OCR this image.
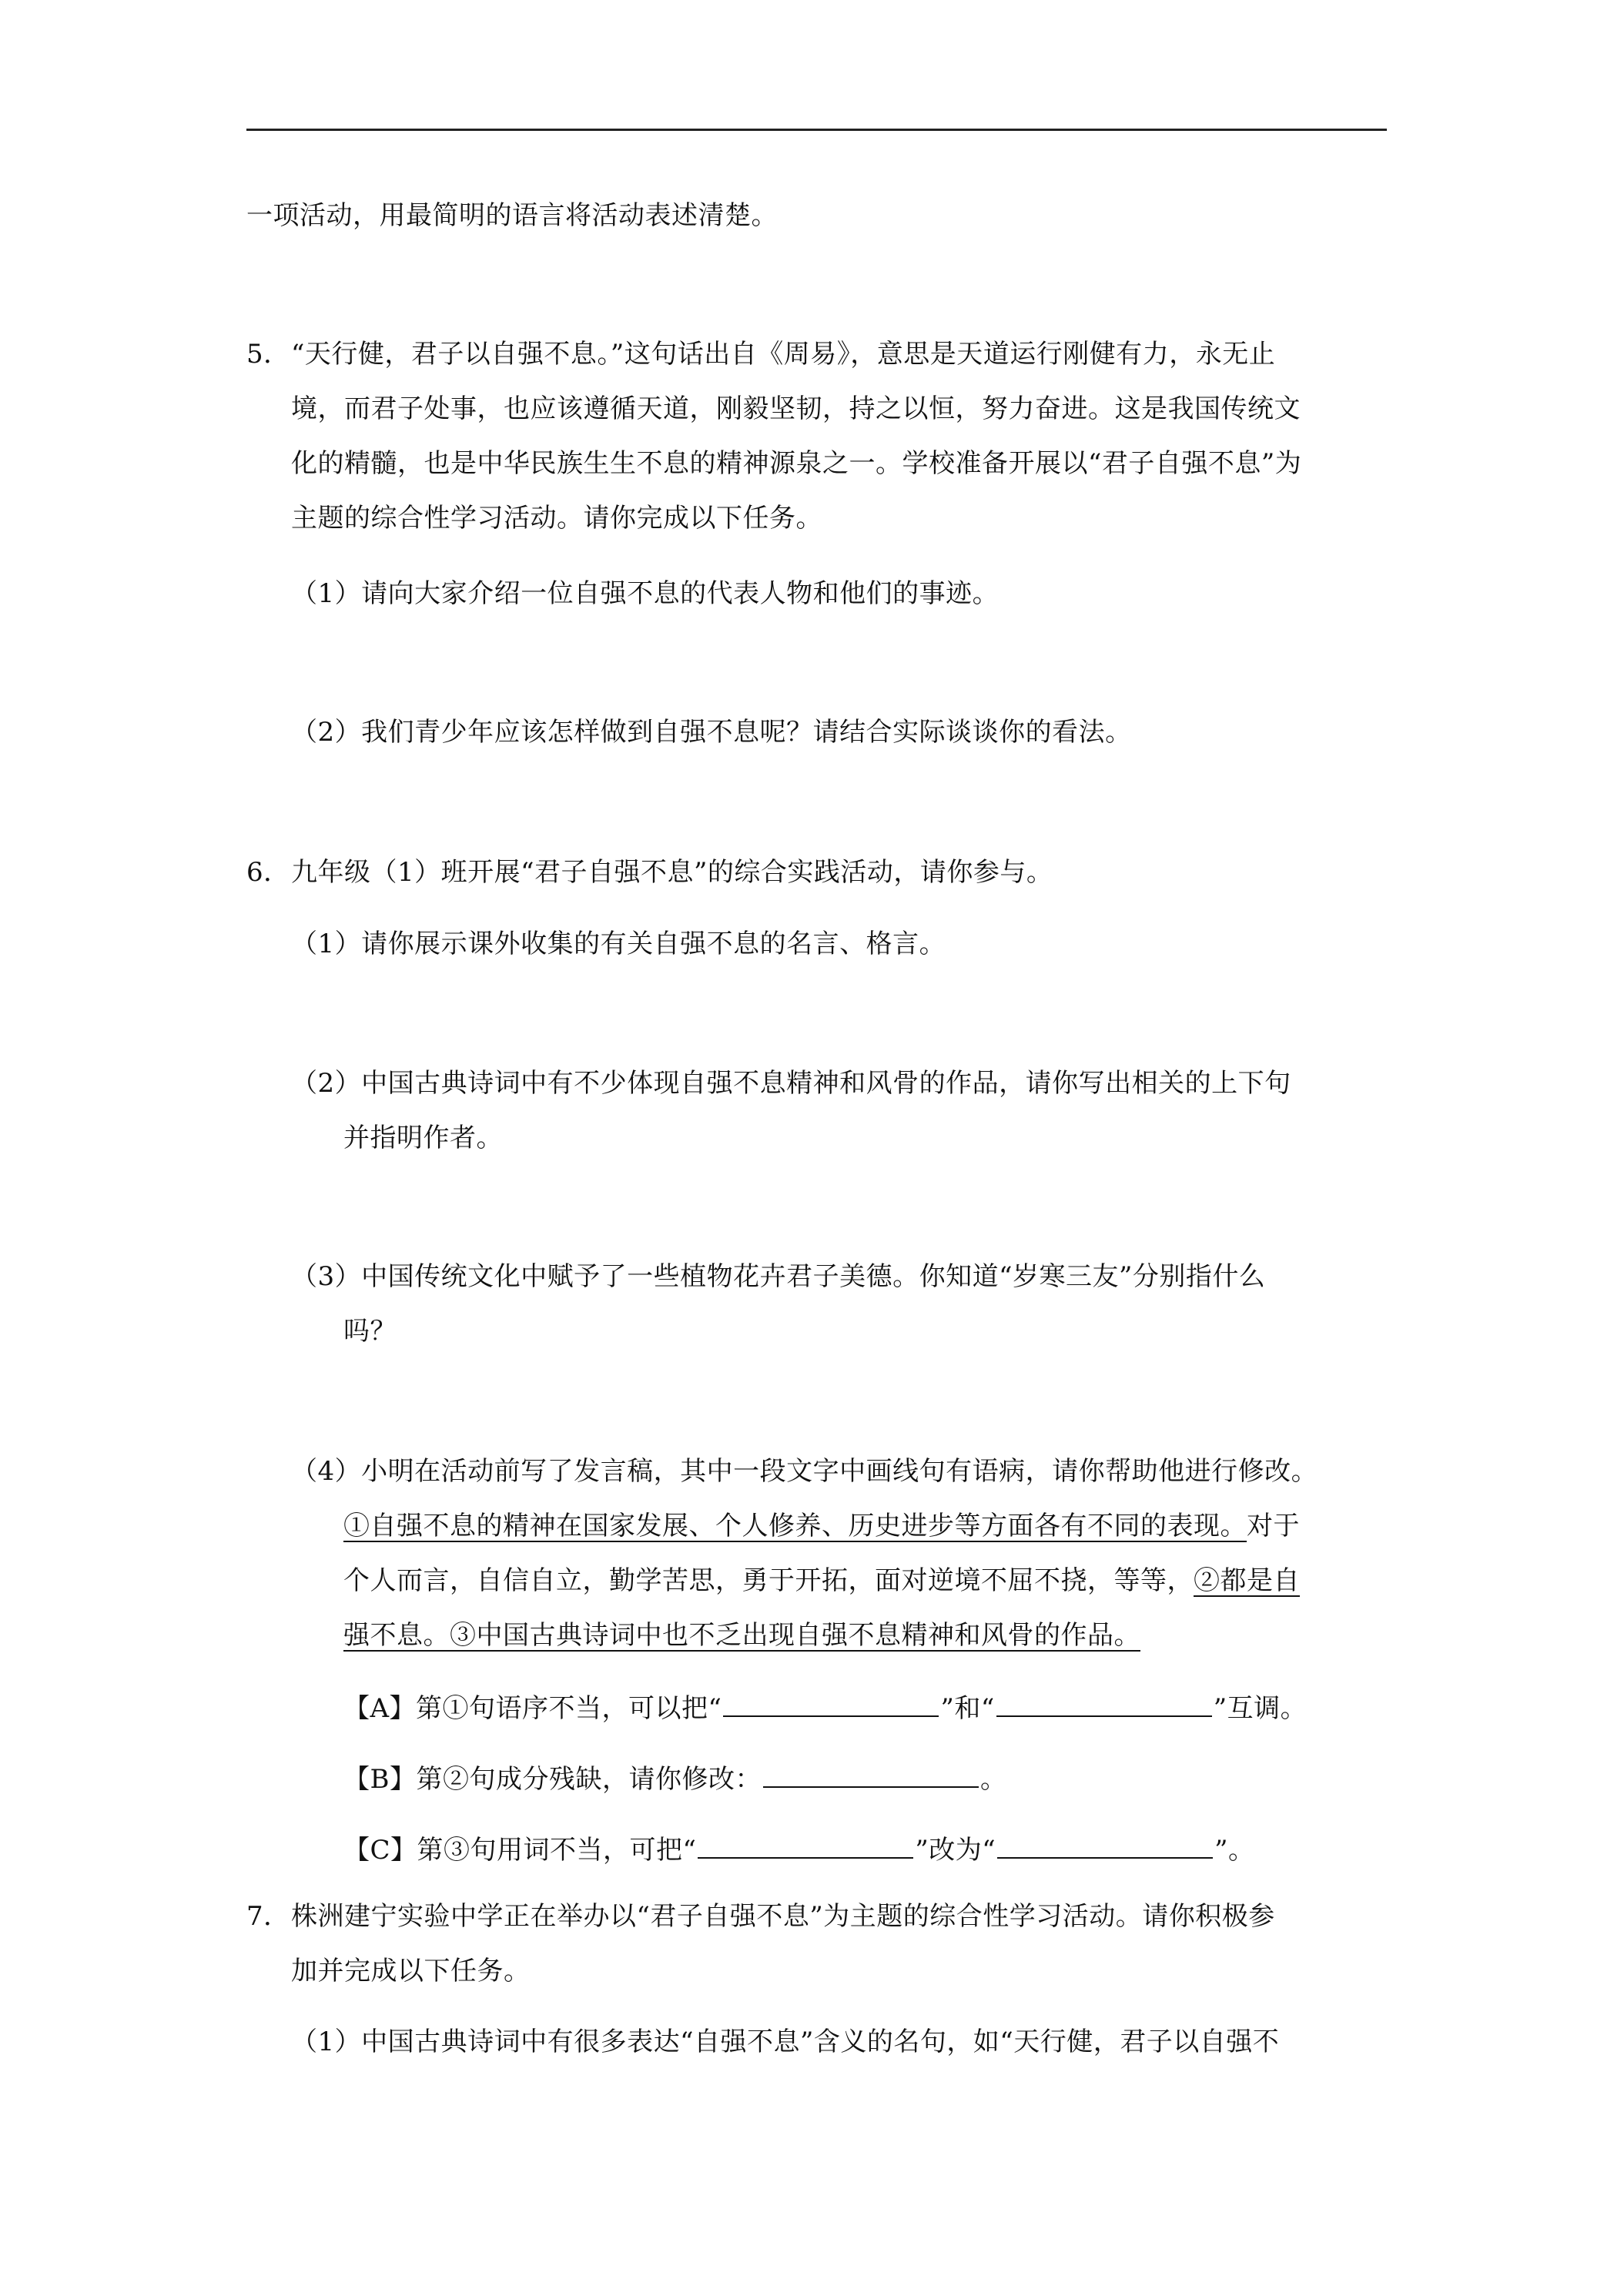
一项活动，用最简明的语言将活动表述清楚。
5． “天行健，君子以自强不息。”这句话出自《周易》，意思是天道运行刚健有力，永无止
境，而君子处事，也应该遵循天道，刚毅坚韧，持之以恒，努力奋进。这是我国传统文
化的精髓，也是中华民族生生不息的精神源泉之一。学校准备开展以“君子自强不息”为
主题的综合性学习活动。请你完成以下任务。
（1）请向大家介绍一位自强不息的代表人物和他们的事迹。
（2）我们青少年应该怎样做到自强不息呢？请结合实际谈谈你的看法。
6． 九年级（1）班开展“君子自强不息”的综合实践活动，请你参与。
（1）请你展示课外收集的有关自强不息的名言、格言。
（2）中国古典诗词中有不少体现自强不息精神和风骨的作品，请你写出相关的上下句
并指明作者。
（3）中国传统文化中赋予了一些植物花卉君子美德。你知道“岁寒三友”分别指什么
吗？
（4）小明在活动前写了发言稿，其中一段文字中画线句有语病，请你帮助他进行修改。
①自强不息的精神在国家发展、个人修养、历史进步等方面各有不同的表现。对于
个人而言，自信自立，勤学苦思，勇于开拓，面对逆境不屈不挠，等等，②都是自
强不息。③中国古典诗词中也不乏出现自强不息精神和风骨的作品。
【A】第①句语序不当，可以把“	”和“	”互调。
【B】第②句成分残缺，请你修改：	。
【C】第③句用词不当，可把“	”改为“	”。
7． 株洲建宁实验中学正在举办以“君子自强不息”为主题的综合性学习活动。请你积极参
加并完成以下任务。
（1）中国古典诗词中有很多表达“自强不息”含义的名句，如“天行健，君子以自强不
